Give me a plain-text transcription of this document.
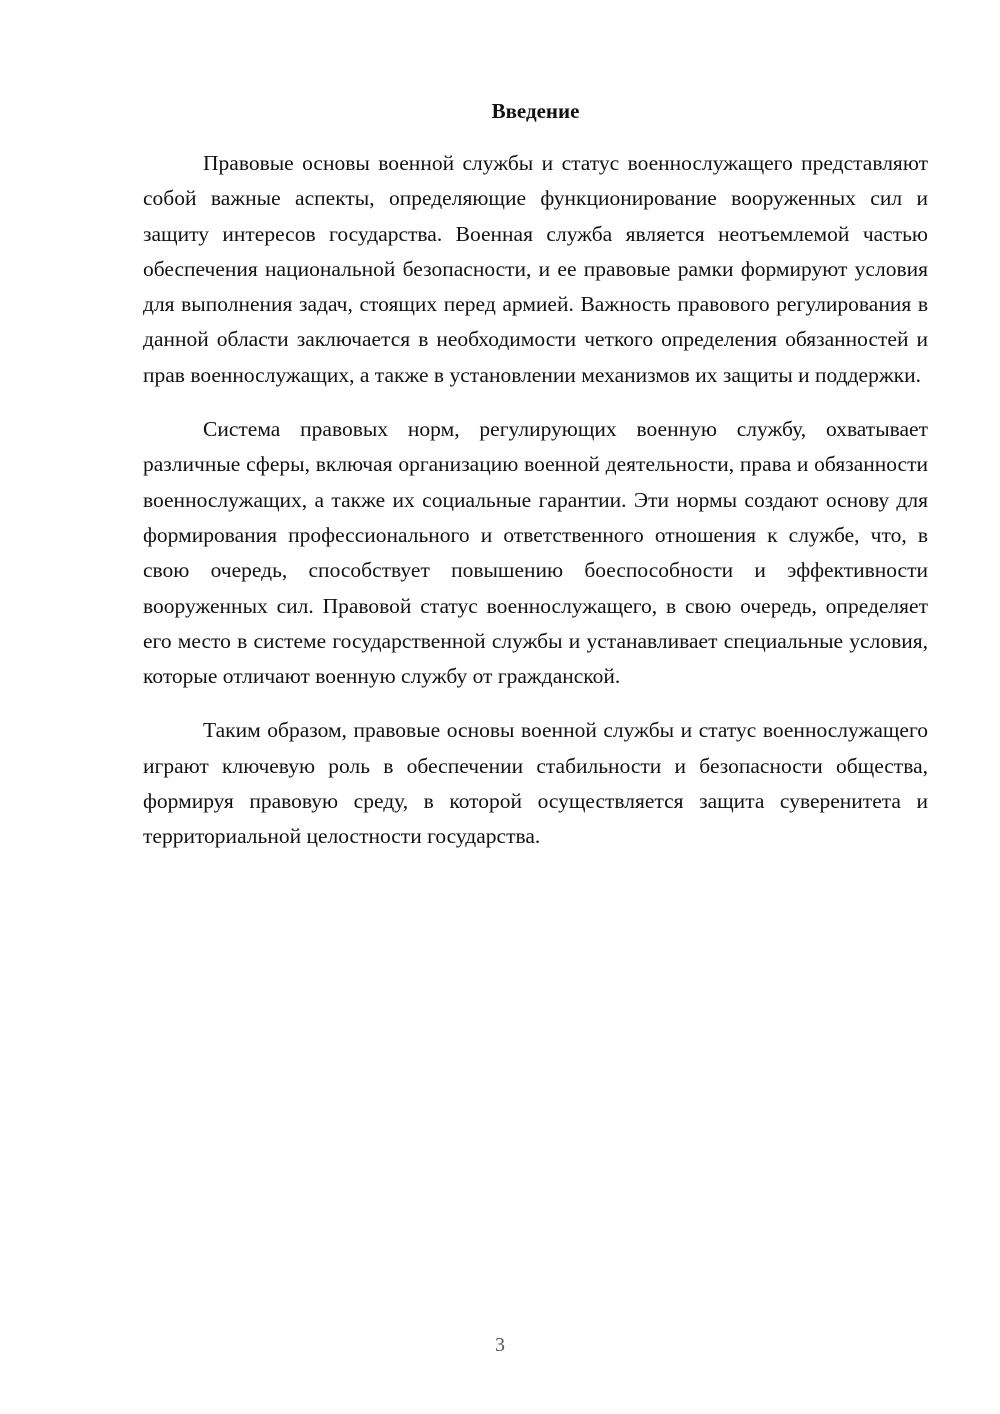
Введение

Правовые основы военной службы и статус военнослужащего представляют собой важные аспекты, определяющие функционирование вооруженных сил и защиту интересов государства. Военная служба является неотъемлемой частью обеспечения национальной безопасности, и ее правовые рамки формируют условия для выполнения задач, стоящих перед армией. Важность правового регулирования в данной области заключается в необходимости четкого определения обязанностей и прав военнослужащих, а также в установлении механизмов их защиты и поддержки.

Система правовых норм, регулирующих военную службу, охватывает различные сферы, включая организацию военной деятельности, права и обязанности военнослужащих, а также их социальные гарантии. Эти нормы создают основу для формирования профессионального и ответственного отношения к службе, что, в свою очередь, способствует повышению боеспособности и эффективности вооруженных сил. Правовой статус военнослужащего, в свою очередь, определяет его место в системе государственной службы и устанавливает специальные условия, которые отличают военную службу от гражданской.

Таким образом, правовые основы военной службы и статус военнослужащего играют ключевую роль в обеспечении стабильности и безопасности общества, формируя правовую среду, в которой осуществляется защита суверенитета и территориальной целостности государства.

3
